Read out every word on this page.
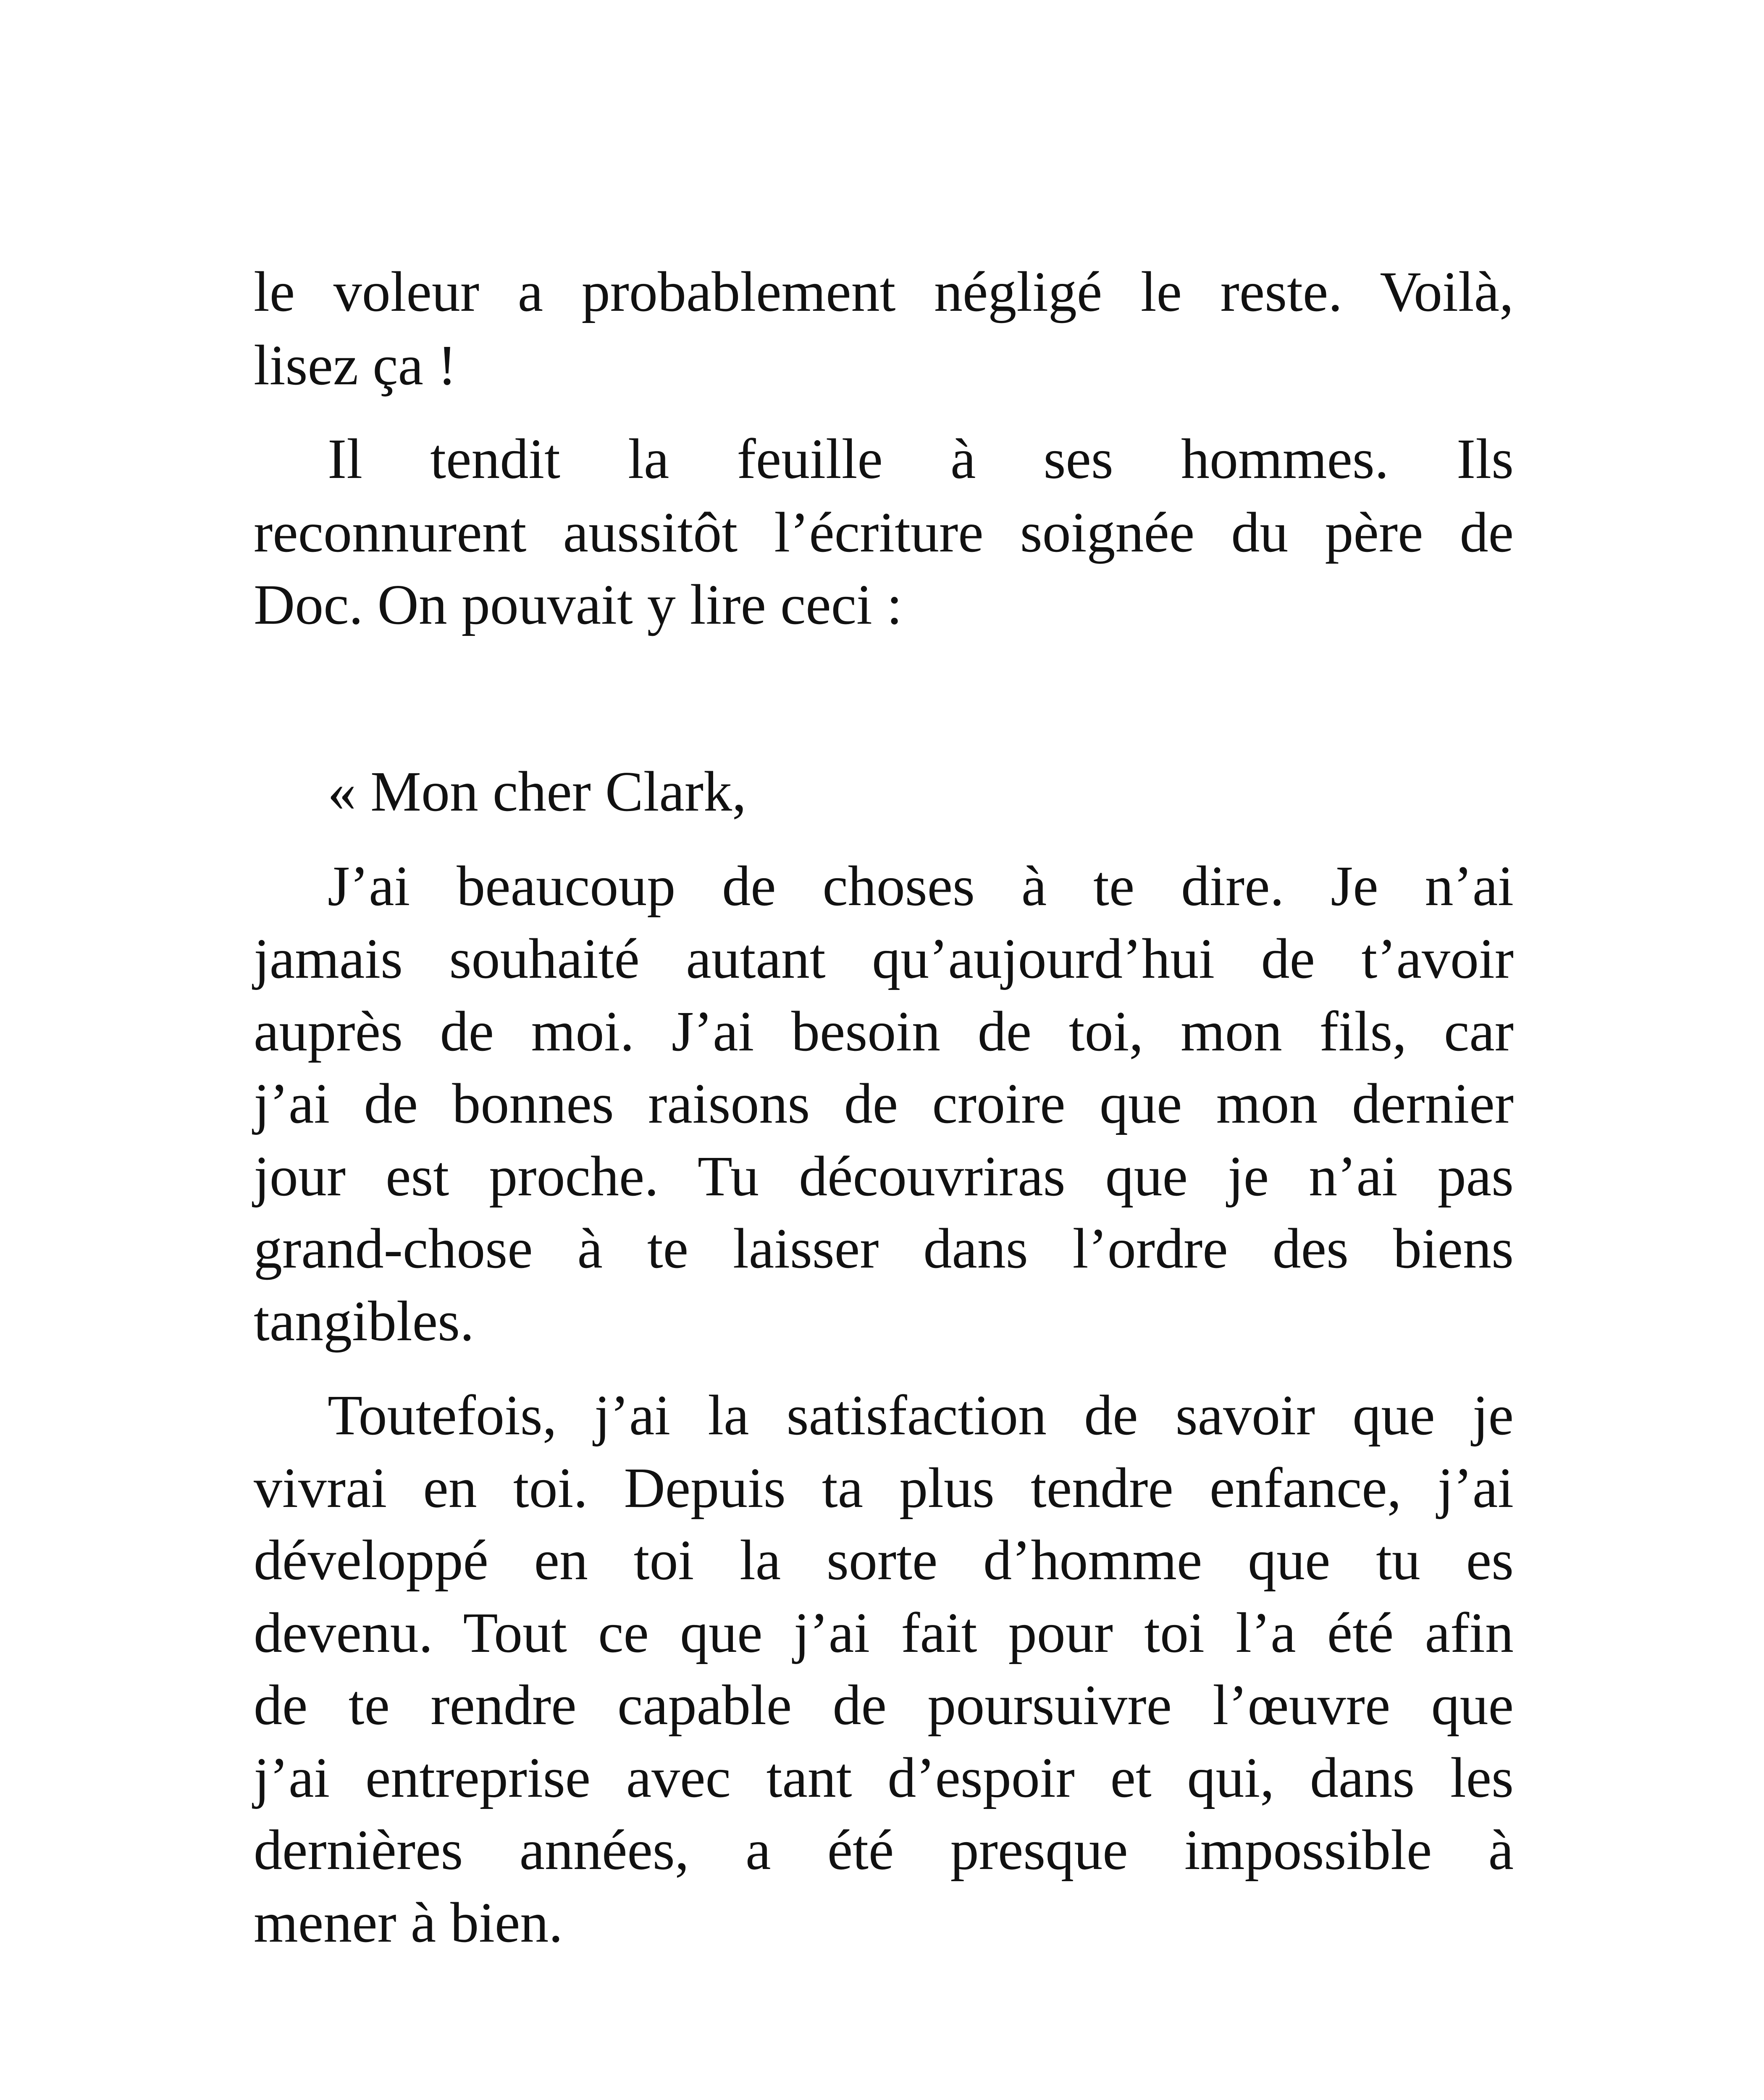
le voleur a probablement négligé le reste. Voilà,
lisez ça !
Il tendit la feuille à ses hommes. Ils
reconnurent aussitôt l’écriture soignée du père de
Doc. On pouvait y lire ceci :
« Mon cher Clark,
J’ai beaucoup de choses à te dire. Je n’ai
jamais souhaité autant qu’aujourd’hui de t’avoir
auprès de moi. J’ai besoin de toi, mon fils, car
j’ai de bonnes raisons de croire que mon dernier
jour est proche. Tu découvriras que je n’ai pas
grand-chose à te laisser dans l’ordre des biens
tangibles.
Toutefois, j’ai la satisfaction de savoir que je
vivrai en toi. Depuis ta plus tendre enfance, j’ai
développé en toi la sorte d’homme que tu es
devenu. Tout ce que j’ai fait pour toi l’a été afin
de te rendre capable de poursuivre l’œuvre que
j’ai entreprise avec tant d’espoir et qui, dans les
dernières années, a été presque impossible à
mener à bien.
